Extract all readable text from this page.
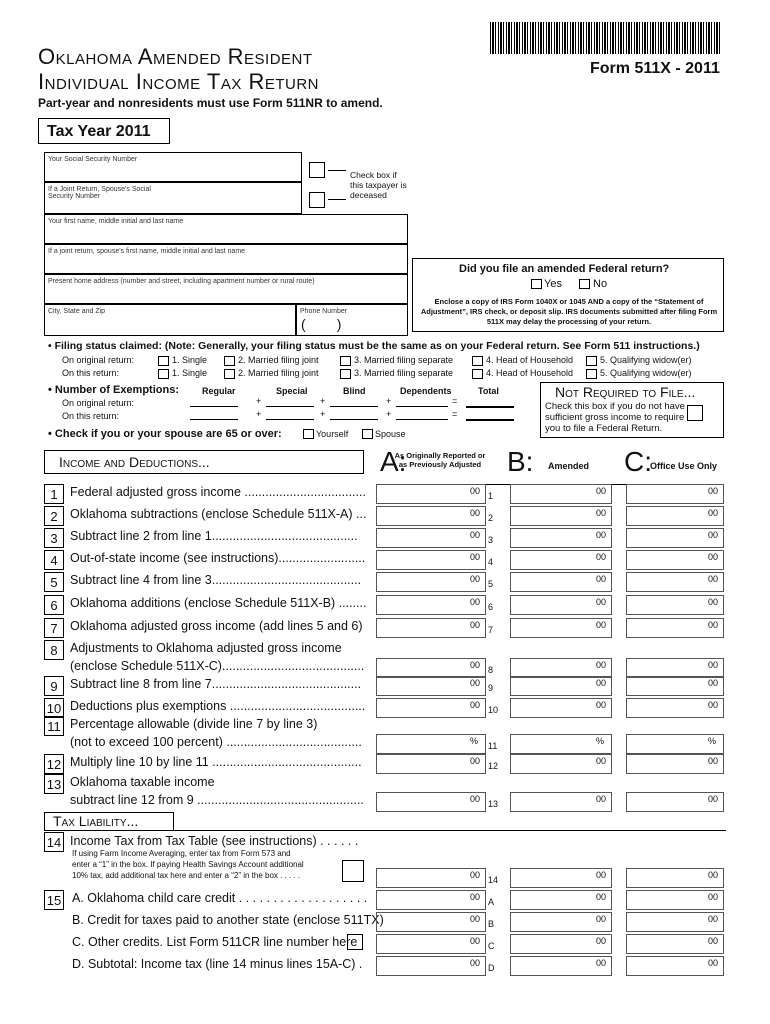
Oklahoma Amended Resident
Individual Income Tax Return
Form 511X - 2011
Part-year and nonresidents must use Form 511NR to amend.
Tax Year 2011
Your Social Security Number
If a Joint Return, Spouse's Social Security Number
Check box if this taxpayer is deceased
Your first name, middle initial and last name
If a joint return, spouse's first name, middle initial and last name
Present home address (number and street, including apartment number or rural route)
City, State and Zip	Phone Number
(        )
Did you file an amended Federal return?
Yes	No
Enclose a copy of IRS Form 1040X or 1045 AND a copy of the “Statement of Adjustment”, IRS check, or deposit slip. IRS documents submitted after filing Form 511X may delay the processing of your return.
• Filing status claimed: (Note: Generally, your filing status must be the same as on your Federal return. See Form 511 instructions.)
On original return:
On this return:
1. Single	2. Married filing joint	3. Married filing separate	4. Head of Household	5. Qualifying widow(er)
1. Single	2. Married filing joint	3. Married filing separate	4. Head of Household	5. Qualifying widow(er)
• Number of Exemptions:	Regular	Special	Blind	Dependents	Total
On original return:
On this return:
+	+	+	=
+	+	+	=
• Check if you or your spouse are 65 or over:	Yourself	Spouse
Not Required to File...
Check this box if you do not have sufficient gross income to require you to file a Federal Return.
Income and Deductions...	A:
As Originally Reported or as Previously Adjusted B: Amended C:
Office Use Only
1 Federal adjusted gross income ...................................	00	00	00
1
2 Oklahoma subtractions (enclose Schedule 511X-A) ...	00	00	00
2
3 Subtract line 2 from line 1..........................................	00	00	00
3
4 Out-of-state income (see instructions).........................	00	00	00
4
5 Subtract line 4 from line 3...........................................	00	00	00
5
6 Oklahoma additions (enclose Schedule 511X-B) ........	00	00	00
6
7 Oklahoma adjusted gross income (add lines 5 and 6)	00	00	00
7
8 Adjustments to Oklahoma adjusted gross income
(enclose Schedule 511X-C).........................................	00	00	00
8
9 Subtract line 8 from line 7...........................................	00	00	00
9
10 Deductions plus exemptions .......................................	00	00	00
10
11 Percentage allowable (divide line 7 by line 3)
(not to exceed 100 percent) .......................................	%	%	%
11
12 Multiply line 10 by line 11 ...........................................	00	00	00
12
13 Oklahoma taxable income
subtract line 12 from 9 ................................................	00	00	00
13
Tax Liability...
14 Income Tax from Tax Table (see instructions) . . . . . .
If using Farm Income Averaging, enter tax from Form 573 and
enter a “1” in the box. If paying Health Savings Account additional
10% tax, add additional tax here and enter a “2” in the box . . . . .	00	00	00
14
15 A. Oklahoma child care credit . . . . . . . . . . . . . . . . . . .	00	00	00
A
B. Credit for taxes paid to another state (enclose 511TX)	00	00	00
B
C. Other credits. List Form 511CR line number here	00	00	00
C
D. Subtotal: Income tax (line 14 minus lines 15A-C) .	00	00	00
D
